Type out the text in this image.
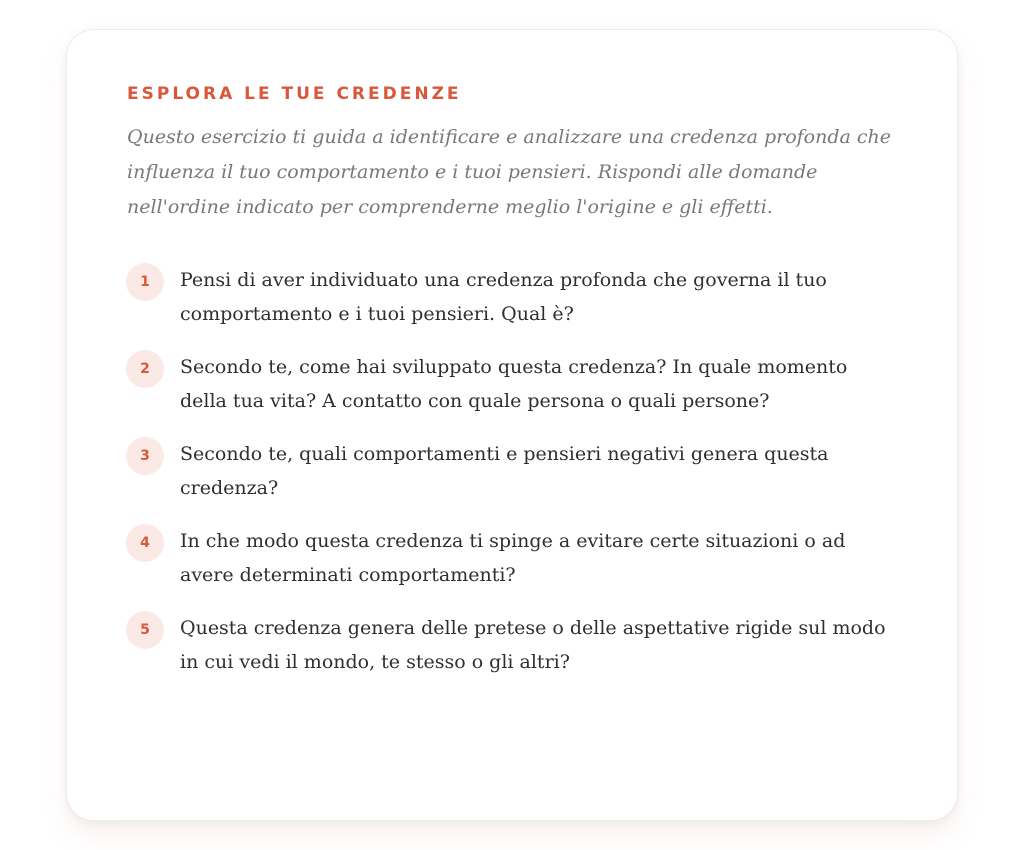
ESPLORA LE TUE CREDENZE

Questo esercizio ti guida a identificare e analizzare una credenza profonda che influenza il tuo comportamento e i tuoi pensieri. Rispondi alle domande nell'ordine indicato per comprenderne meglio l'origine e gli effetti.

1	Pensi di aver individuato una credenza profonda che governa il tuo comportamento e i tuoi pensieri. Qual è?
2	Secondo te, come hai sviluppato questa credenza? In quale momento della tua vita? A contatto con quale persona o quali persone?
3	Secondo te, quali comportamenti e pensieri negativi genera questa credenza?
4	In che modo questa credenza ti spinge a evitare certe situazioni o ad avere determinati comportamenti?
5	Questa credenza genera delle pretese o delle aspettative rigide sul modo in cui vedi il mondo, te stesso o gli altri?
